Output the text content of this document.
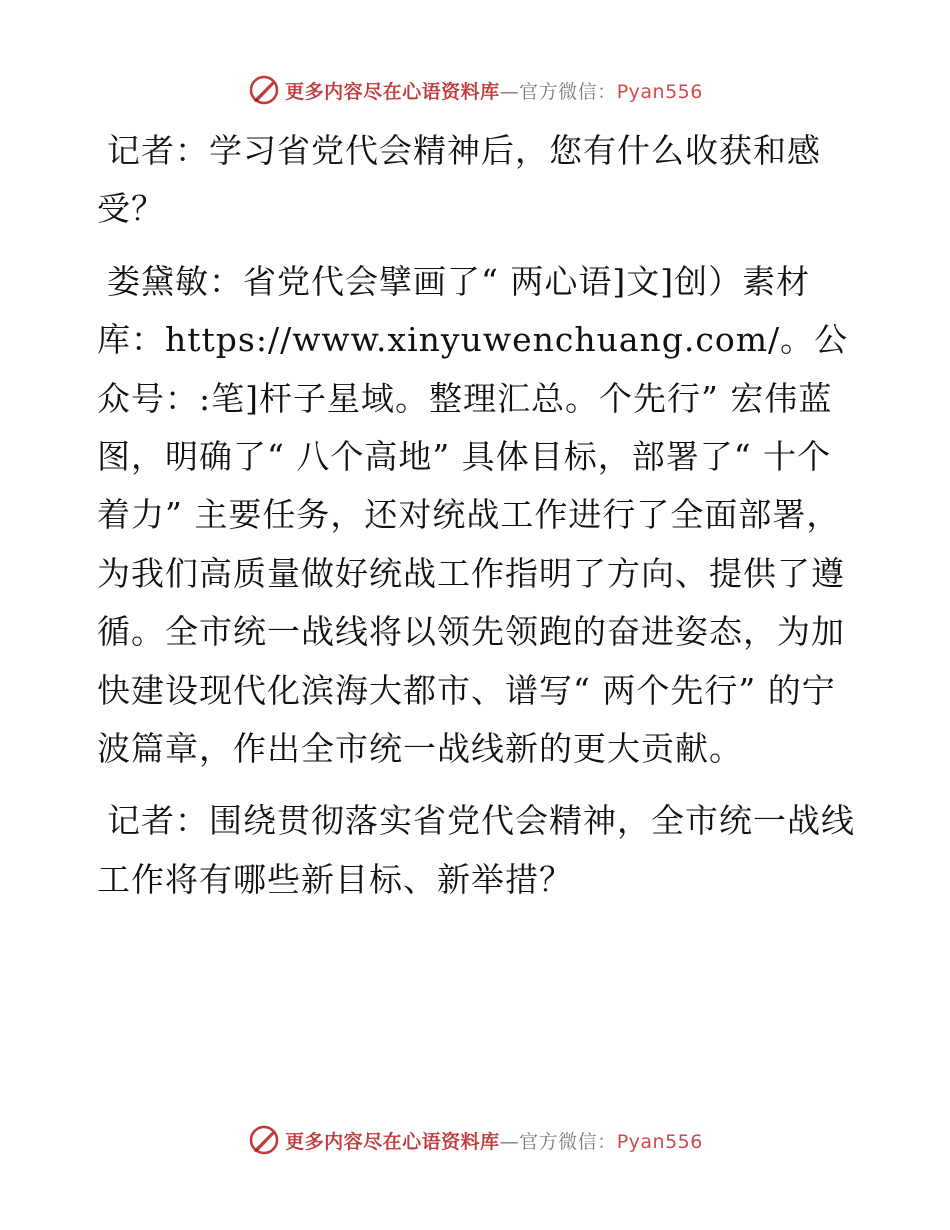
更多内容尽在心语资料库—官方微信：Pyan556

记者：学习省党代会精神后，您有什么收获和感受？

娄黛敏：省党代会擘画了“ 两心语]文]创）素材库：https://www.xinyuwenchuang.com/。公众号：:笔]杆子星域。整理汇总。个先行” 宏伟蓝图，明确了“ 八个高地” 具体目标，部署了“ 十个着力” 主要任务，还对统战工作进行了全面部署，为我们高质量做好统战工作指明了方向、提供了遵循。全市统一战线将以领先领跑的奋进姿态，为加快建设现代化滨海大都市、谱写“ 两个先行” 的宁波篇章，作出全市统一战线新的更大贡献。

记者：围绕贯彻落实省党代会精神，全市统一战线工作将有哪些新目标、新举措？

更多内容尽在心语资料库—官方微信：Pyan556
